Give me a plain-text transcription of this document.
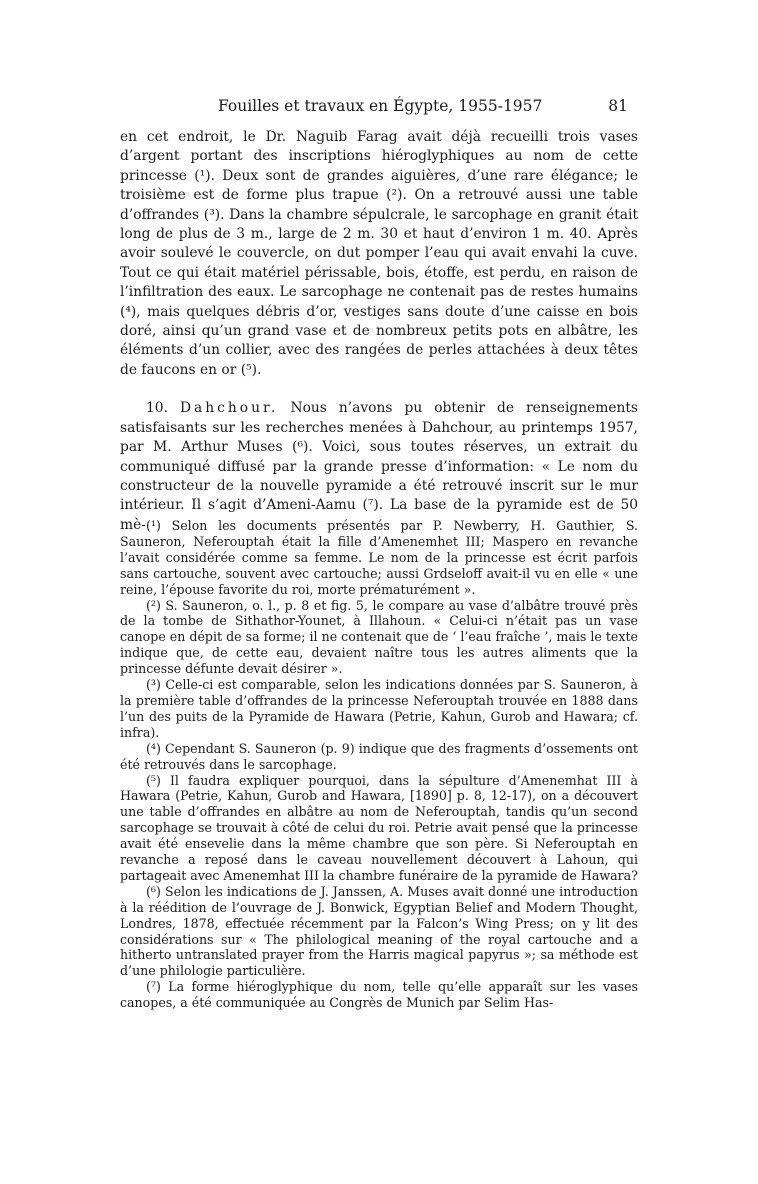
Fouilles et travaux en Égypte, 1955-1957	81

en cet endroit, le Dr. Naguib Farag avait déjà recueilli trois vases d’argent portant des inscriptions hiéroglyphiques au nom de cette princesse (¹). Deux sont de grandes aiguières, d’une rare élégance; le troisième est de forme plus trapue (²). On a retrouvé aussi une table d’offrandes (³). Dans la chambre sépulcrale, le sarcophage en granit était long de plus de 3 m., large de 2 m. 30 et haut d’environ 1 m. 40. Après avoir soulevé le couvercle, on dut pomper l’eau qui avait envahi la cuve. Tout ce qui était matériel périssable, bois, étoffe, est perdu, en raison de l’infiltration des eaux. Le sarcophage ne contenait pas de restes humains (⁴), mais quelques débris d’or, vestiges sans doute d’une caisse en bois doré, ainsi qu’un grand vase et de nombreux petits pots en albâtre, les éléments d’un collier, avec des rangées de perles attachées à deux têtes de faucons en or (⁵).

10. Dahchour. Nous n’avons pu obtenir de renseignements satisfaisants sur les recherches menées à Dahchour, au printemps 1957, par M. Arthur Muses (⁶). Voici, sous toutes réserves, un extrait du communiqué diffusé par la grande presse d’information: « Le nom du constructeur de la nouvelle pyramide a été retrouvé inscrit sur le mur intérieur. Il s’agit d’Ameni-Aamu (⁷). La base de la pyramide est de 50 mè- (¹) Selon les documents présentés par P. Newberry, H. Gauthier, S. Sauneron, Neferouptah était la fille d’Amenemhet III; Maspero en revanche l’avait considérée comme sa femme. Le nom de la princesse est écrit parfois sans cartouche, souvent avec cartouche; aussi Grdseloff avait-il vu en elle « une reine, l’épouse favorite du roi, morte prématurément ».

(²) S. Sauneron, o. l., p. 8 et fig. 5, le compare au vase d’albâtre trouvé près de la tombe de Sithathor-Younet, à Illahoun. « Celui-ci n’était pas un vase canope en dépit de sa forme; il ne contenait que de ‘ l’eau fraîche ’, mais le texte indique que, de cette eau, devaient naître tous les autres aliments que la princesse défunte devait désirer ».

(³) Celle-ci est comparable, selon les indications données par S. Sauneron, à la première table d’offrandes de la princesse Neferouptah trouvée en 1888 dans l’un des puits de la Pyramide de Hawara (Petrie, Kahun, Gurob and Hawara; cf. infra).

(⁴) Cependant S. Sauneron (p. 9) indique que des fragments d’ossements ont été retrouvés dans le sarcophage.

(⁵) Il faudra expliquer pourquoi, dans la sépulture d’Amenemhat III à Hawara (Petrie, Kahun, Gurob and Hawara, [1890] p. 8, 12-17), on a découvert une table d’offrandes en albâtre au nom de Neferouptah, tandis qu’un second sarcophage se trouvait à côté de celui du roi. Petrie avait pensé que la princesse avait été ensevelie dans la même chambre que son père. Si Neferouptah en revanche a reposé dans le caveau nouvellement découvert à Lahoun, qui partageait avec Amenemhat III la chambre funéraire de la pyramide de Hawara?

(⁶) Selon les indications de J. Janssen, A. Muses avait donné une introduction à la réédition de l’ouvrage de J. Bonwick, Egyptian Belief and Modern Thought, Londres, 1878, effectuée récemment par la Falcon’s Wing Press; on y lit des considérations sur « The philological meaning of the royal cartouche and a hitherto untranslated prayer from the Harris magical papyrus »; sa méthode est d’une philologie particulière.

(⁷) La forme hiéroglyphique du nom, telle qu’elle apparaît sur les vases canopes, a été communiquée au Congrès de Munich par Selim Has-
